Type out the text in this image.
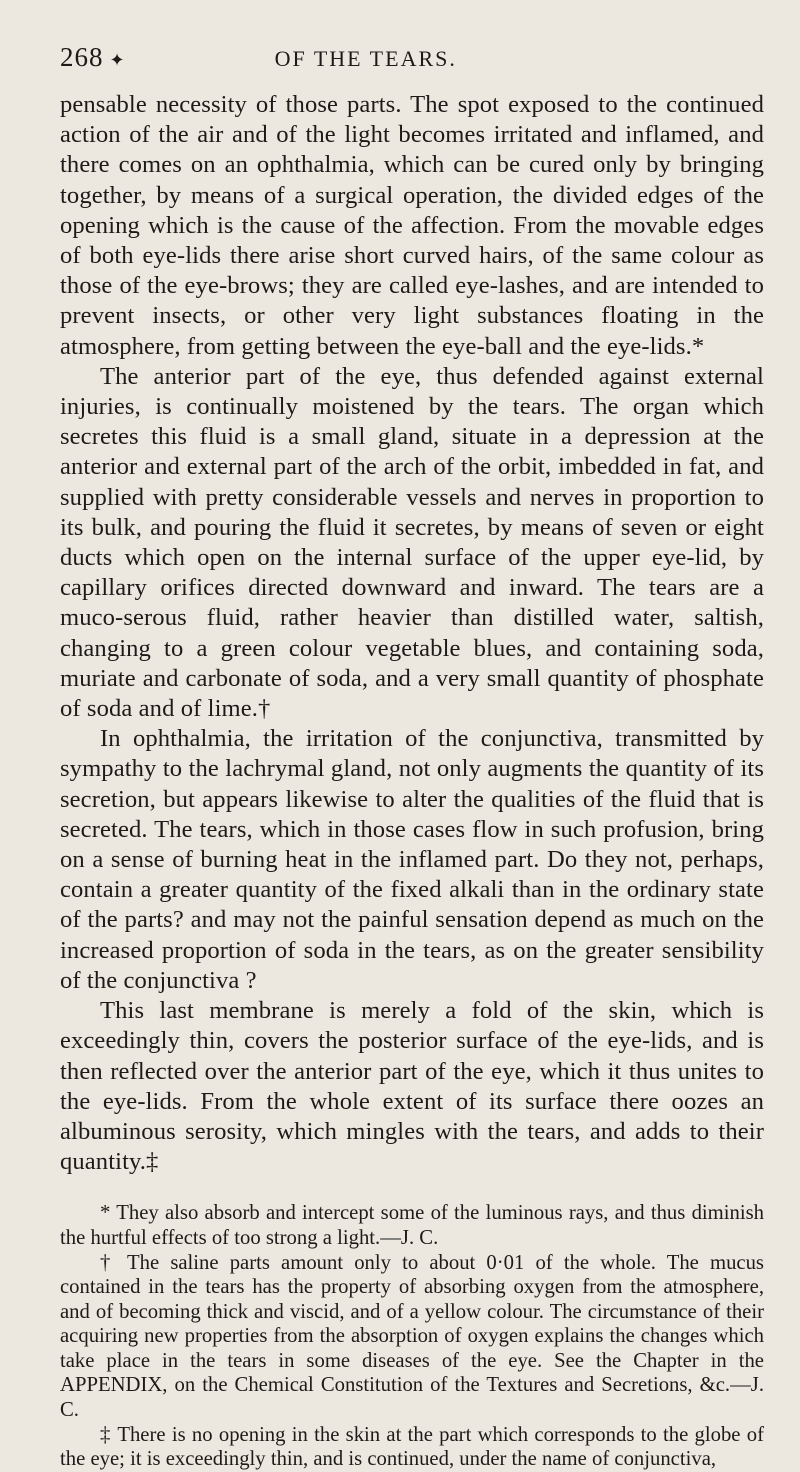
268 ✦	OF THE TEARS.

pensable necessity of those parts. The spot exposed to the continued action of the air and of the light becomes irritated and inflamed, and there comes on an ophthalmia, which can be cured only by bringing together, by means of a surgical operation, the divided edges of the opening which is the cause of the affection. From the movable edges of both eye-lids there arise short curved hairs, of the same colour as those of the eye-brows; they are called eye-lashes, and are intended to prevent insects, or other very light substances floating in the atmosphere, from getting between the eye-ball and the eye-lids.*

The anterior part of the eye, thus defended against external injuries, is continually moistened by the tears. The organ which secretes this fluid is a small gland, situate in a depression at the anterior and external part of the arch of the orbit, imbedded in fat, and supplied with pretty considerable vessels and nerves in proportion to its bulk, and pouring the fluid it secretes, by means of seven or eight ducts which open on the internal surface of the upper eye-lid, by capillary orifices directed downward and inward. The tears are a muco-serous fluid, rather heavier than distilled water, saltish, changing to a green colour vegetable blues, and containing soda, muriate and carbonate of soda, and a very small quantity of phosphate of soda and of lime.†

In ophthalmia, the irritation of the conjunctiva, transmitted by sympathy to the lachrymal gland, not only augments the quantity of its secretion, but appears likewise to alter the qualities of the fluid that is secreted. The tears, which in those cases flow in such profusion, bring on a sense of burning heat in the inflamed part. Do they not, perhaps, contain a greater quantity of the fixed alkali than in the ordinary state of the parts? and may not the painful sensation depend as much on the increased proportion of soda in the tears, as on the greater sensibility of the conjunctiva ?

This last membrane is merely a fold of the skin, which is exceedingly thin, covers the posterior surface of the eye-lids, and is then reflected over the anterior part of the eye, which it thus unites to the eye-lids. From the whole extent of its surface there oozes an albuminous serosity, which mingles with the tears, and adds to their quantity.‡

* They also absorb and intercept some of the luminous rays, and thus diminish the hurtful effects of too strong a light.—J. C.

† The saline parts amount only to about 0·01 of the whole. The mucus contained in the tears has the property of absorbing oxygen from the atmosphere, and of becoming thick and viscid, and of a yellow colour. The circumstance of their acquiring new properties from the absorption of oxygen explains the changes which take place in the tears in some diseases of the eye. See the Chapter in the APPENDIX, on the Chemical Constitution of the Textures and Secretions, &c.—J. C.

‡ There is no opening in the skin at the part which corresponds to the globe of the eye; it is exceedingly thin, and is continued, under the name of conjunctiva,
